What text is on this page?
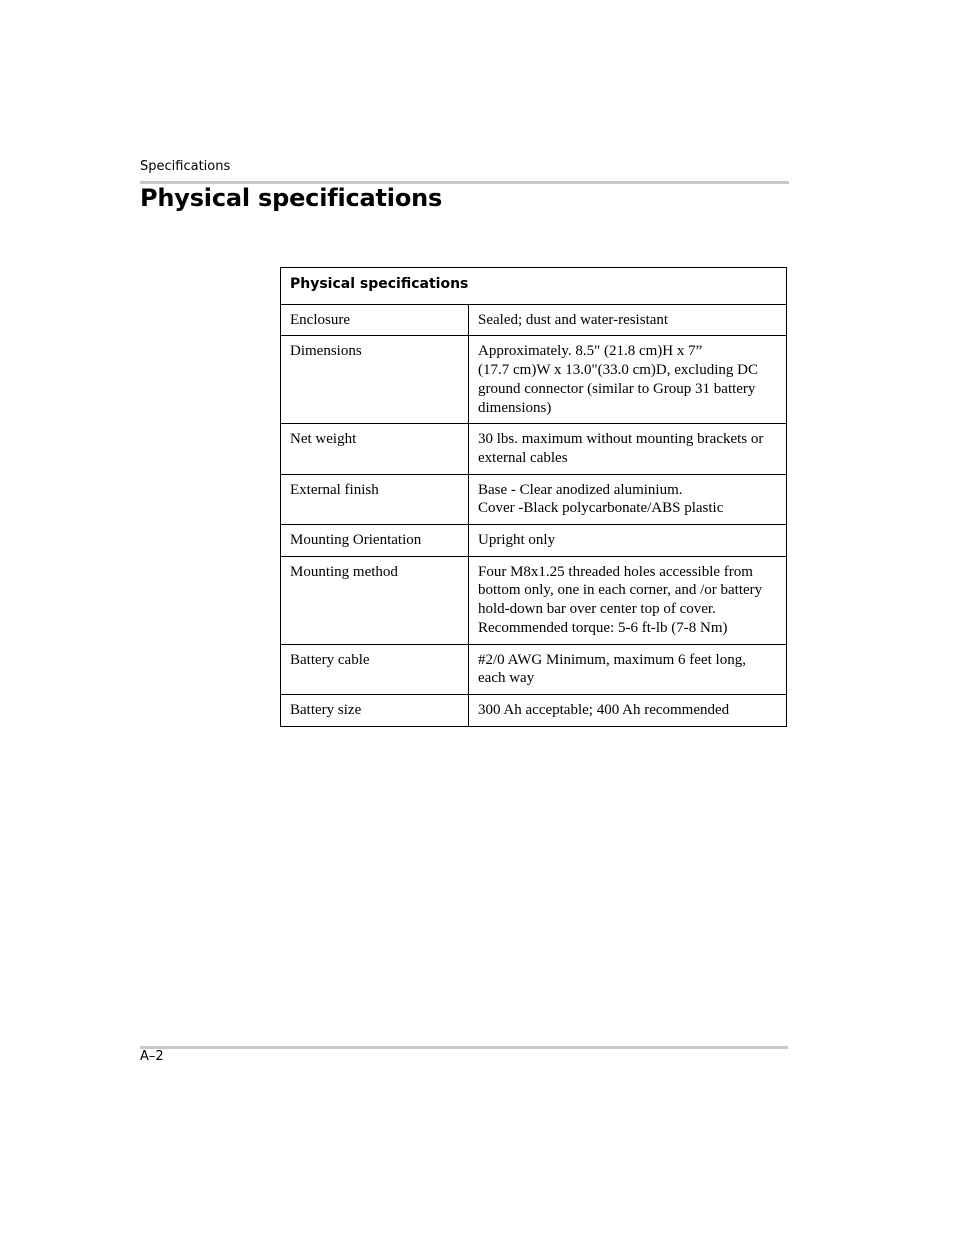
Specifications
Physical specifications
Physical specifications	
Enclosure	Sealed; dust and water-resistant

Dimensions	Approximately. 8.5" (21.8 cm)H x 7”
(17.7 cm)W x 13.0"(33.0 cm)D, excluding DC
ground connector (similar to Group 31 battery
dimensions)

Net weight	30 lbs. maximum without mounting brackets or
external cables

External finish	Base - Clear anodized aluminium.
Cover -Black polycarbonate/ABS plastic

Mounting Orientation	Upright only

Mounting method	Four M8x1.25 threaded holes accessible from
bottom only, one in each corner, and /or battery
hold-down bar over center top of cover.
Recommended torque: 5-6 ft-lb (7-8 Nm)

Battery cable	#2/0 AWG Minimum, maximum 6 feet long,
each way

Battery size	300 Ah acceptable; 400 Ah recommended
A–2
